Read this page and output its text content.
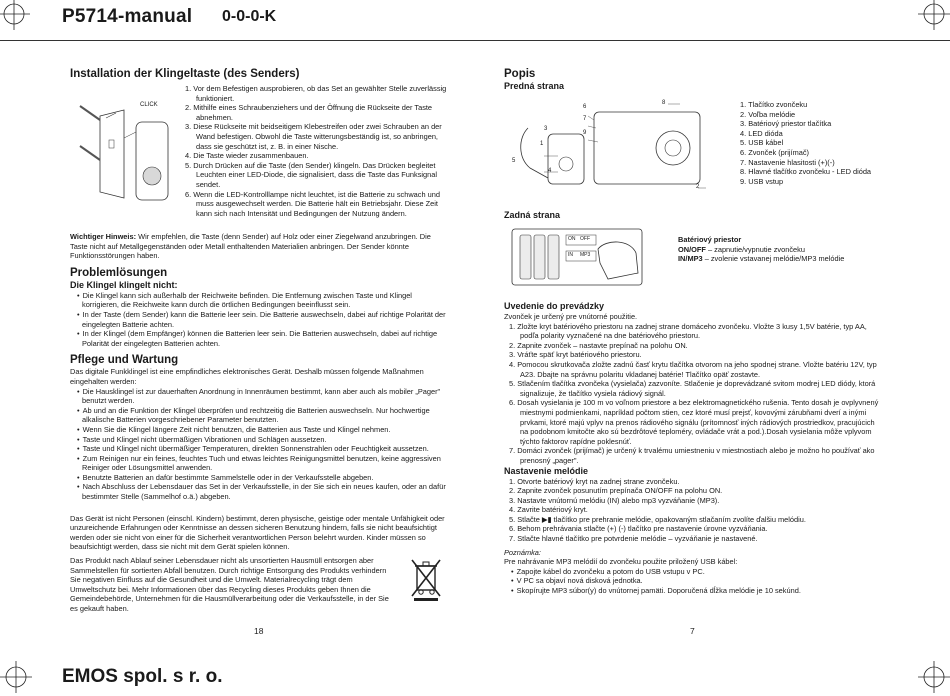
P5714-manual 0-0-0-K
EMOS spol. s r. o.
Installation der Klingeltaste (des Senders)
CLICK
1. Vor dem Befestigen ausprobieren, ob das Set an gewählter Stelle zuverlässig funktioniert.
2. Mithilfe eines Schraubenziehers und der Öffnung die Rückseite der Taste abnehmen.
3. Diese Rückseite mit beidseitigem Klebestreifen oder zwei Schrauben an der Wand befestigen. Obwohl die Taste witterungsbeständig ist, so anbringen, dass sie geschützt ist, z. B. in einer Nische.
4. Die Taste wieder zusammenbauen.
5. Durch Drücken auf die Taste (den Sender) klingeln. Das Drücken begleitet Leuchten einer LED-Diode, die signalisiert, dass die Taste das Funksignal sendet.
6. Wenn die LED-Kontrolllampe nicht leuchtet, ist die Batterie zu schwach und muss ausgewechselt werden. Die Batterie hält ein Betriebsjahr. Diese Zeit kann sich nach Intensität und Bedingungen der Nutzung ändern.

Wichtiger Hinweis: Wir empfehlen, die Taste (denn Sender) auf Holz oder einer Ziegelwand anzubringen. Die Taste nicht auf Metallgegenständen oder Metall enthaltenden Materialien anbringen. Der Sender könnte Funktionsstörungen haben.

Problemlösungen
Die Klingel klingelt nicht:
• Die Klingel kann sich außerhalb der Reichweite befinden. Die Entfernung zwischen Taste und Klingel korrigieren, die Reichweite kann durch die örtlichen Bedingungen beeinflusst sein.
• In der Taste (dem Sender) kann die Batterie leer sein. Die Batterie auswechseln, dabei auf richtige Polarität der eingelegten Batterie achten.
• In der Klingel (dem Empfänger) können die Batterien leer sein. Die Batterien auswechseln, dabei auf richtige Polarität der eingelegten Batterien achten.
Pflege und Wartung

Das digitale Funkklingel ist eine empfindliches elektronisches Gerät. Deshalb müssen folgende Maßnahmen eingehalten werden:

• Die Hausklingel ist zur dauerhaften Anordnung in Innenräumen bestimmt, kann aber auch als mobiler „Pager" benutzt werden.
• Ab und an die Funktion der Klingel überprüfen und rechtzeitig die Batterien auswechseln. Nur hochwertige alkalische Batterien vorgeschriebener Parameter benutzten.
• Wenn Sie die Klingel längere Zeit nicht benutzen, die Batterien aus Taste und Klingel nehmen.
• Taste und Klingel nicht übermäßigen Vibrationen und Schlägen aussetzen.
• Taste und Klingel nicht übermäßiger Temperaturen, direkten Sonnenstrahlen oder Feuchtigkeit aussetzen.
• Zum Reinigen nur ein feines, feuchtes Tuch und etwas leichtes Reinigungsmittel benutzen, keine aggressiven Reiniger oder Lösungsmittel anwenden.
• Benutzte Batterien an dafür bestimmte Sammelstelle oder in der Verkaufsstelle abgeben.
• Nach Abschluss der Lebensdauer das Set in der Verkaufsstelle, in der Sie sich ein neues kaufen, oder an dafür bestimmter Stelle (Sammelhof o.ä.) abgeben.

Das Gerät ist nicht Personen (einschl. Kindern) bestimmt, deren physische, geistige oder mentale Unfähigkeit oder unzureichende Erfahrungen oder Kenntnisse an dessen sicheren Benutzung hindern, falls sie nicht beaufsichtigt werden oder sie nicht von einer für die Sicherheit verantwortlichen Person belehrt wurden. Kinder müssen so beaufsichtigt werden, dass sie nicht mit dem Gerät spielen können.

Das Produkt nach Ablauf seiner Lebensdauer nicht als unsortierten Hausmüll entsorgen aber Sammelstellen für sortierten Abfall benutzen. Durch richtige Entsorgung des Produkts verhindern Sie negativen Einfluss auf die Gesundheit und die Umwelt. Materialrecycling trägt dem Umweltschutz bei. Mehr Informationen über das Recycling dieses Produkts geben Ihnen die Gemeindebehörde, Unternehmen für die Hausmüllverarbeitung oder die Verkaufsstelle, in der Sie es gekauft haben.

18
Popis
Predná strana
6
7
9
3
1
5
4
8
2

1. Tlačítko zvončeku

2. Voľba melódie

3. Batériový priestor tlačítka

4. LED dióda

5. USB kábel

6. Zvonček (prijímač)

7. Nastavenie hlasitosti (+)(-)

8. Hlavné tlačítko zvončeku - LED dióda

9. USB vstup

Zadná strana
ON OFF
IN MP3

Batériový priestor

ON/OFF – zapnutie/vypnutie zvončeku

IN/MP3 – zvolenie vstavanej melódie/MP3 melódie

Uvedenie do prevádzky

Zvonček je určený pre vnútorné použitie.

1. Zložte kryt batériového priestoru na zadnej strane domáceho zvončeku. Vložte 3 kusy 1,5V batérie, typ AA, podľa polarity vyznačené na dne batériového priestoru.
2. Zapnite zvonček – nastavte prepínač na polohu ON.
3. Vráťte späť kryt batériového priestoru.
4. Pomocou skrutkovača zložte zadnú časť krytu tlačítka otvorom na jeho spodnej strane. Vložte batériu 12V, typ A23. Dbajte na správnu polaritu vkladanej batérie! Tlačítko opäť zostavte.
5. Stlačením tlačítka zvončeka (vysielača) zazvoníte. Stlačenie je doprevádzané svitom modrej LED diódy, ktorá signalizuje, že tlačítko vysiela rádiový signál.
6. Dosah vysielania je 100 m vo voľnom priestore a bez elektromagnetického rušenia. Tento dosah je ovplyvnený miestnymi podmienkami, napríklad počtom stien, cez ktoré musí prejsť, kovovými zárubňami dverí a inými prvkami, ktoré majú vplyv na prenos rádiového signálu (prítomnosť iných rádiových prostriedkov, pracujúcich na podobnom kmitočte ako sú bezdrôtové teploméry, ovládače vrát a pod.).Dosah vysielania môže vplyvom týchto faktorov rapídne poklesnúť.
7. Domáci zvonček (prijímač) je určený k trvalému umiestneniu v miestnostiach alebo je možno ho používať ako prenosný „pager".
Nastavenie melódie
1. Otvorte batériový kryt na zadnej strane zvončeku.
2. Zapnite zvonček posunutím prepínača ON/OFF na polohu ON.
3. Nastavte vnútornú melódiu (IN) alebo mp3 vyzváňanie (MP3).
4. Zavrite batériový kryt.
5. Stlačte ▶▮ tlačítko pre prehranie melódie, opakovaným stlačaním zvolíte ďalšiu melódiu.
6. Behom prehrávania stlačte (+) (-) tlačítko pre nastavenie úrovne vyzváňania.
7. Stlačte hlavné tlačítko pre potvrdenie melódie – vyzváňanie je nastavené.

Poznámka:

Pre nahrávanie MP3 melódií do zvončeku použite priložený USB kábel:

• Zapojte kábel do zvončeku a potom do USB vstupu v PC.
• V PC sa objaví nová disková jednotka.
• Skopírujte MP3 súbor(y) do vnútornej pamäti. Doporučená dĺžka melódie je 10 sekúnd.
7
